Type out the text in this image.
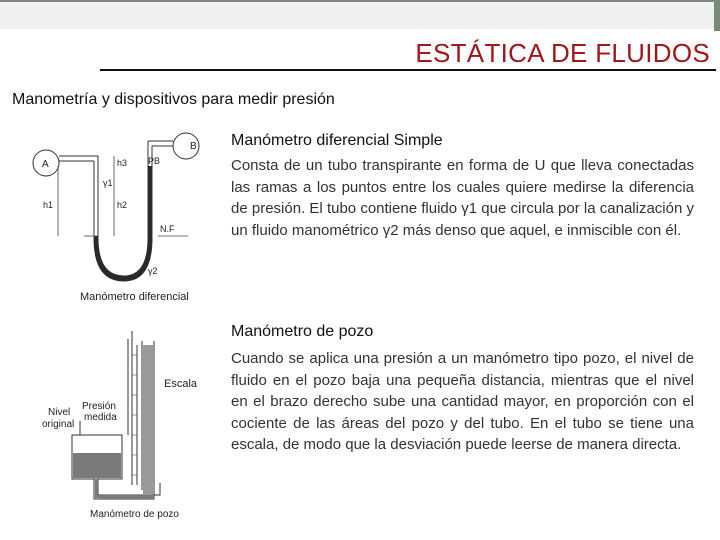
ESTÁTICA DE FLUIDOS
Manometría y dispositivos para medir presión
A
B
h3 PB
γ1
h1	h2
N.F
γ2
Manómetro diferencial
Escala
Nivel
original
Presión
medida
Manómetro de pozo
Manómetro diferencial Simple
Consta de un tubo transpirante en forma de U que lleva conectadas las ramas a los puntos entre los cuales quiere medirse la diferencia de presión. El tubo contiene fluido γ1 que circula por la canalización y un fluido manométrico γ2 más denso que aquel, e inmiscible con él.
Manómetro de pozo
Cuando se aplica una presión a un manómetro tipo pozo, el nivel de fluido en el pozo baja una pequeña distancia, mientras que el nivel en el brazo derecho sube una cantidad mayor, en proporción con el cociente de las áreas del pozo y del tubo. En el tubo se tiene una escala, de modo que la desviación puede leerse de manera directa.
